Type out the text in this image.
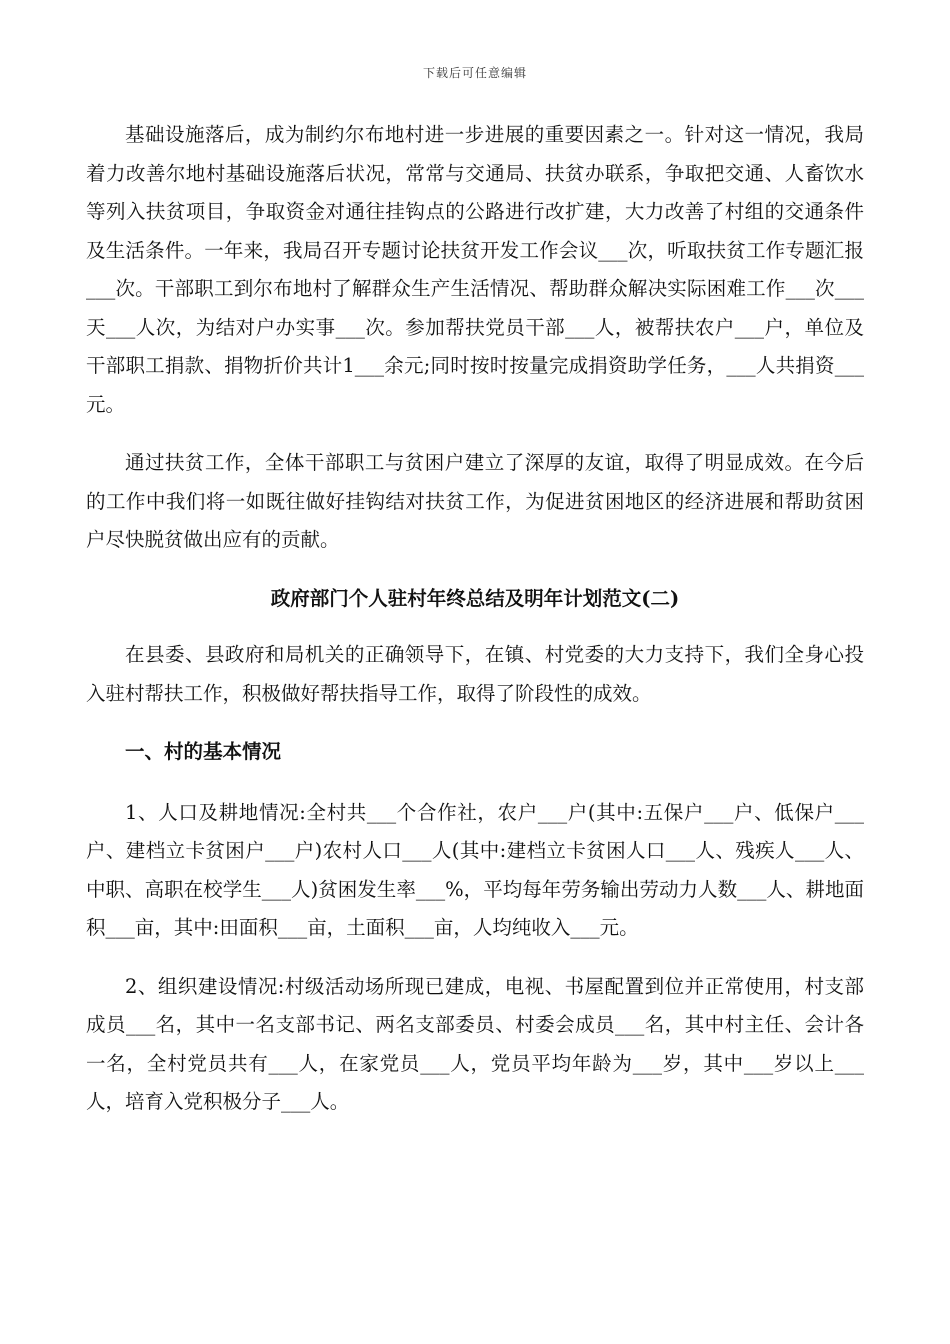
下载后可任意编辑

基础设施落后，成为制约尔布地村进一步进展的重要因素之一。针对这一情况，我局着力改善尔地村基础设施落后状况，常常与交通局、扶贫办联系，争取把交通、人畜饮水等列入扶贫项目，争取资金对通往挂钩点的公路进行改扩建，大力改善了村组的交通条件及生活条件。一年来，我局召开专题讨论扶贫开发工作会议___次，听取扶贫工作专题汇报___次。干部职工到尔布地村了解群众生产生活情况、帮助群众解决实际困难工作___次___天___人次，为结对户办实事___次。参加帮扶党员干部___人，被帮扶农户___户，单位及干部职工捐款、捐物折价共计1___余元;同时按时按量完成捐资助学任务，___人共捐资___元。

通过扶贫工作，全体干部职工与贫困户建立了深厚的友谊，取得了明显成效。在今后的工作中我们将一如既往做好挂钩结对扶贫工作，为促进贫困地区的经济进展和帮助贫困户尽快脱贫做出应有的贡献。

政府部门个人驻村年终总结及明年计划范文(二)

在县委、县政府和局机关的正确领导下，在镇、村党委的大力支持下，我们全身心投入驻村帮扶工作，积极做好帮扶指导工作，取得了阶段性的成效。

一、村的基本情况

1、人口及耕地情况:全村共___个合作社，农户___户(其中:五保户___户、低保户___户、建档立卡贫困户___户)农村人口___人(其中:建档立卡贫困人口___人、残疾人___人、中职、高职在校学生___人)贫困发生率___%，平均每年劳务输出劳动力人数___人、耕地面积___亩，其中:田面积___亩，土面积___亩，人均纯收入___元。

2、组织建设情况:村级活动场所现已建成，电视、书屋配置到位并正常使用，村支部成员___名，其中一名支部书记、两名支部委员、村委会成员___名，其中村主任、会计各一名，全村党员共有___人，在家党员___人，党员平均年龄为___岁，其中___岁以上___人，培育入党积极分子___人。
